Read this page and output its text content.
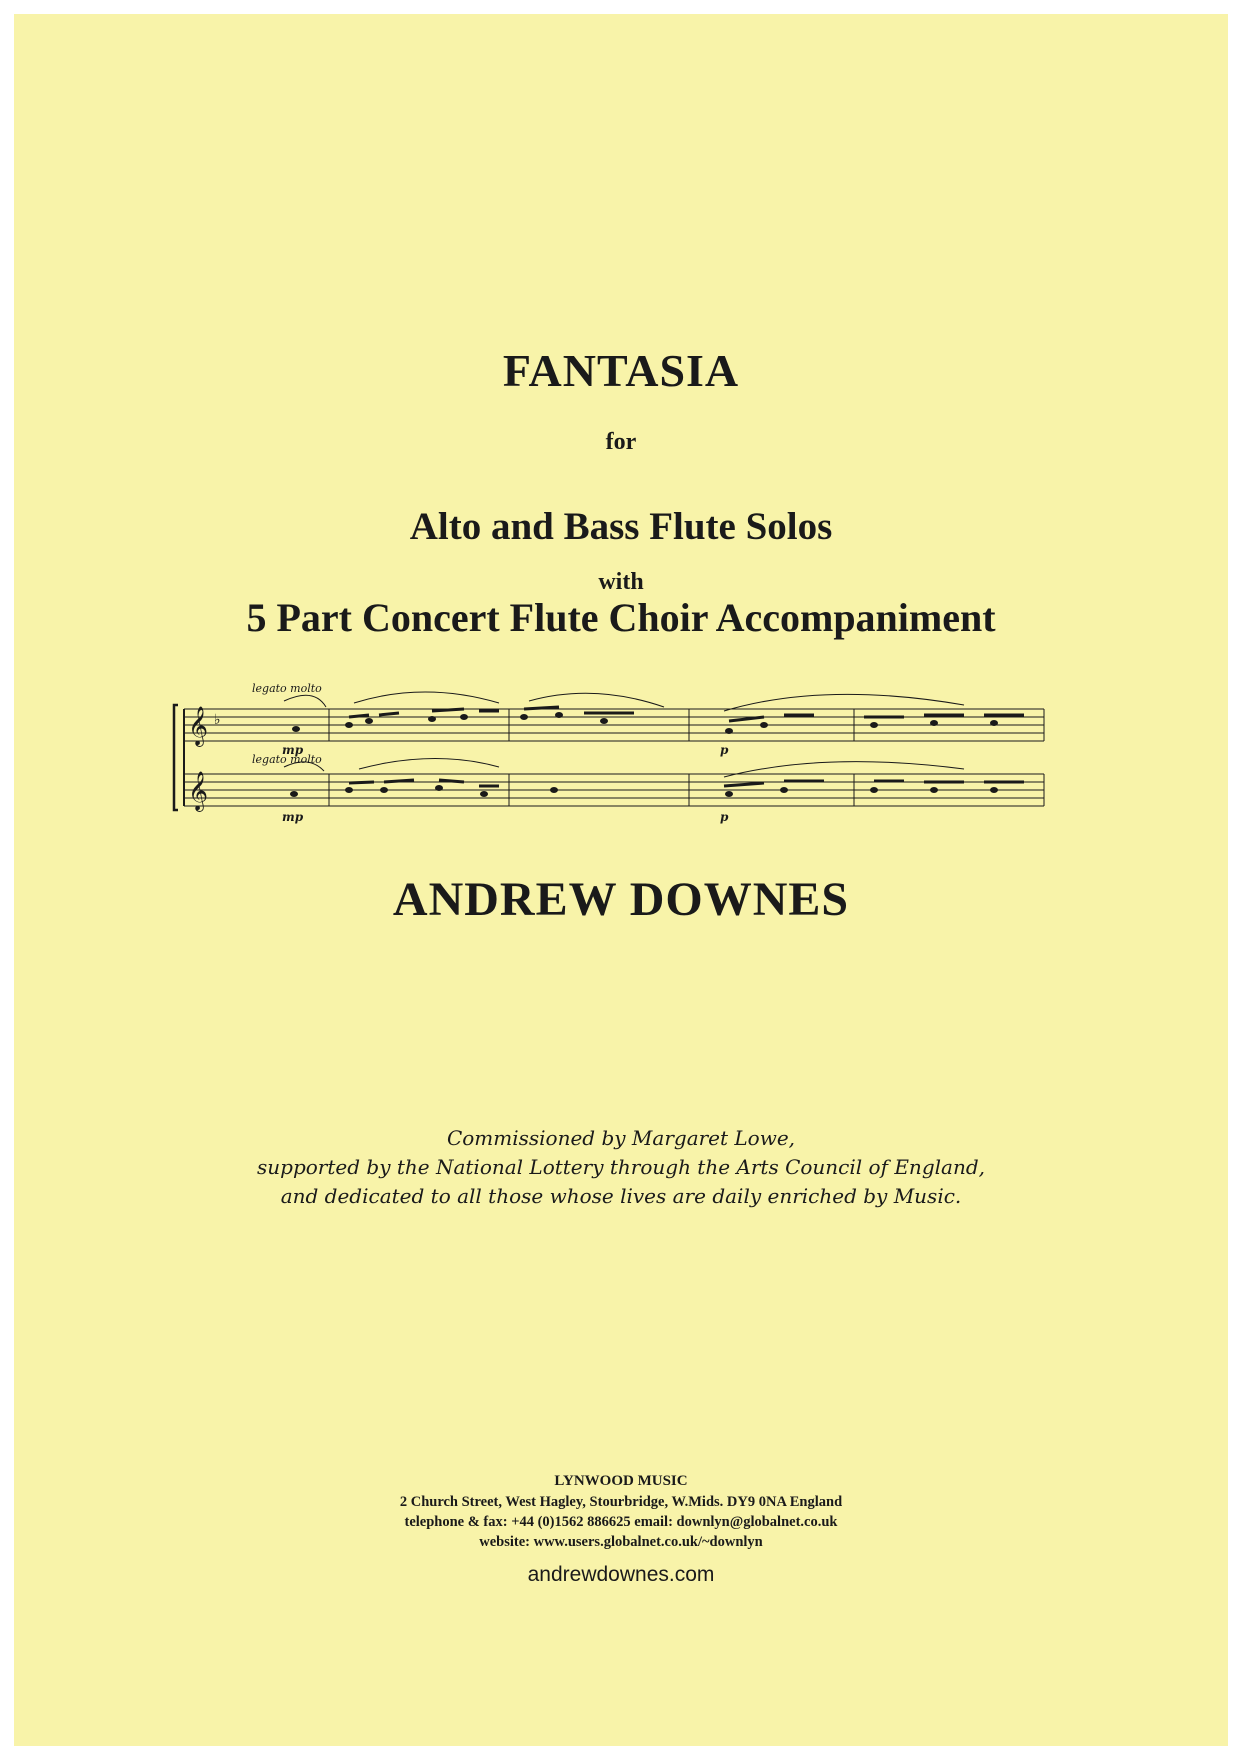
FANTASIA
for
Alto and Bass Flute Solos
with
5 Part Concert Flute Choir Accompaniment
𝄞
𝄞
♭
legato molto
legato molto
mp
mp
p
p
ANDREW DOWNES
Commissioned by Margaret Lowe,
supported by the National Lottery through the Arts Council of England,
and dedicated to all those whose lives are daily enriched by Music.
LYNWOOD MUSIC
2 Church Street, West Hagley, Stourbridge, W.Mids. DY9 0NA England
telephone & fax: +44 (0)1562 886625 email: downlyn@globalnet.co.uk
website: www.users.globalnet.co.uk/~downlyn
andrewdownes.com
